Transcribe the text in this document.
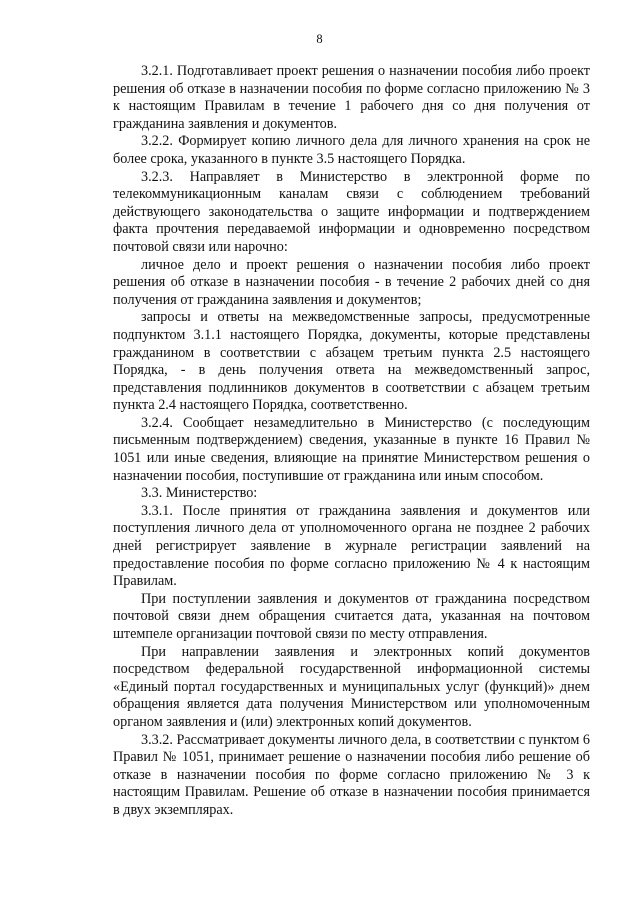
8

3.2.1. Подготавливает проект решения о назначении пособия либо проект решения об отказе в назначении пособия по форме согласно приложению № 3 к настоящим Правилам в течение 1 рабочего дня со дня получения от гражданина заявления и документов.

3.2.2. Формирует копию личного дела для личного хранения на срок не более срока, указанного в пункте 3.5 настоящего Порядка.

3.2.3. Направляет в Министерство в электронной форме по телекоммуникационным каналам связи с соблюдением требований действующего законодательства о защите информации и подтверждением факта прочтения передаваемой информации и одновременно посредством почтовой связи или нарочно:

личное дело и проект решения о назначении пособия либо проект решения об отказе в назначении пособия - в течение 2 рабочих дней со дня получения от гражданина заявления и документов;

запросы и ответы на межведомственные запросы, предусмотренные подпунктом 3.1.1 настоящего Порядка, документы, которые представлены гражданином в соответствии с абзацем третьим пункта 2.5 настоящего Порядка, - в день получения ответа на межведомственный запрос, представления подлинников документов в соответствии с абзацем третьим пункта 2.4 настоящего Порядка, соответственно.

3.2.4. Сообщает незамедлительно в Министерство (с последующим письменным подтверждением) сведения, указанные в пункте 16 Правил № 1051 или иные сведения, влияющие на принятие Министерством решения о назначении пособия, поступившие от гражданина или иным способом.

3.3. Министерство:

3.3.1. После принятия от гражданина заявления и документов или поступления личного дела от уполномоченного органа не позднее 2 рабочих дней регистрирует заявление в журнале регистрации заявлений на предоставление пособия по форме согласно приложению № 4 к настоящим Правилам.

При поступлении заявления и документов от гражданина посредством почтовой связи днем обращения считается дата, указанная на почтовом штемпеле организации почтовой связи по месту отправления.

При направлении заявления и электронных копий документов посредством федеральной государственной информационной системы «Единый портал государственных и муниципальных услуг (функций)» днем обращения является дата получения Министерством или уполномоченным органом заявления и (или) электронных копий документов.

3.3.2. Рассматривает документы личного дела, в соответствии с пунктом 6 Правил № 1051, принимает решение о назначении пособия либо решение об отказе в назначении пособия по форме согласно приложению № 3 к настоящим Правилам. Решение об отказе в назначении пособия принимается в двух экземплярах.
